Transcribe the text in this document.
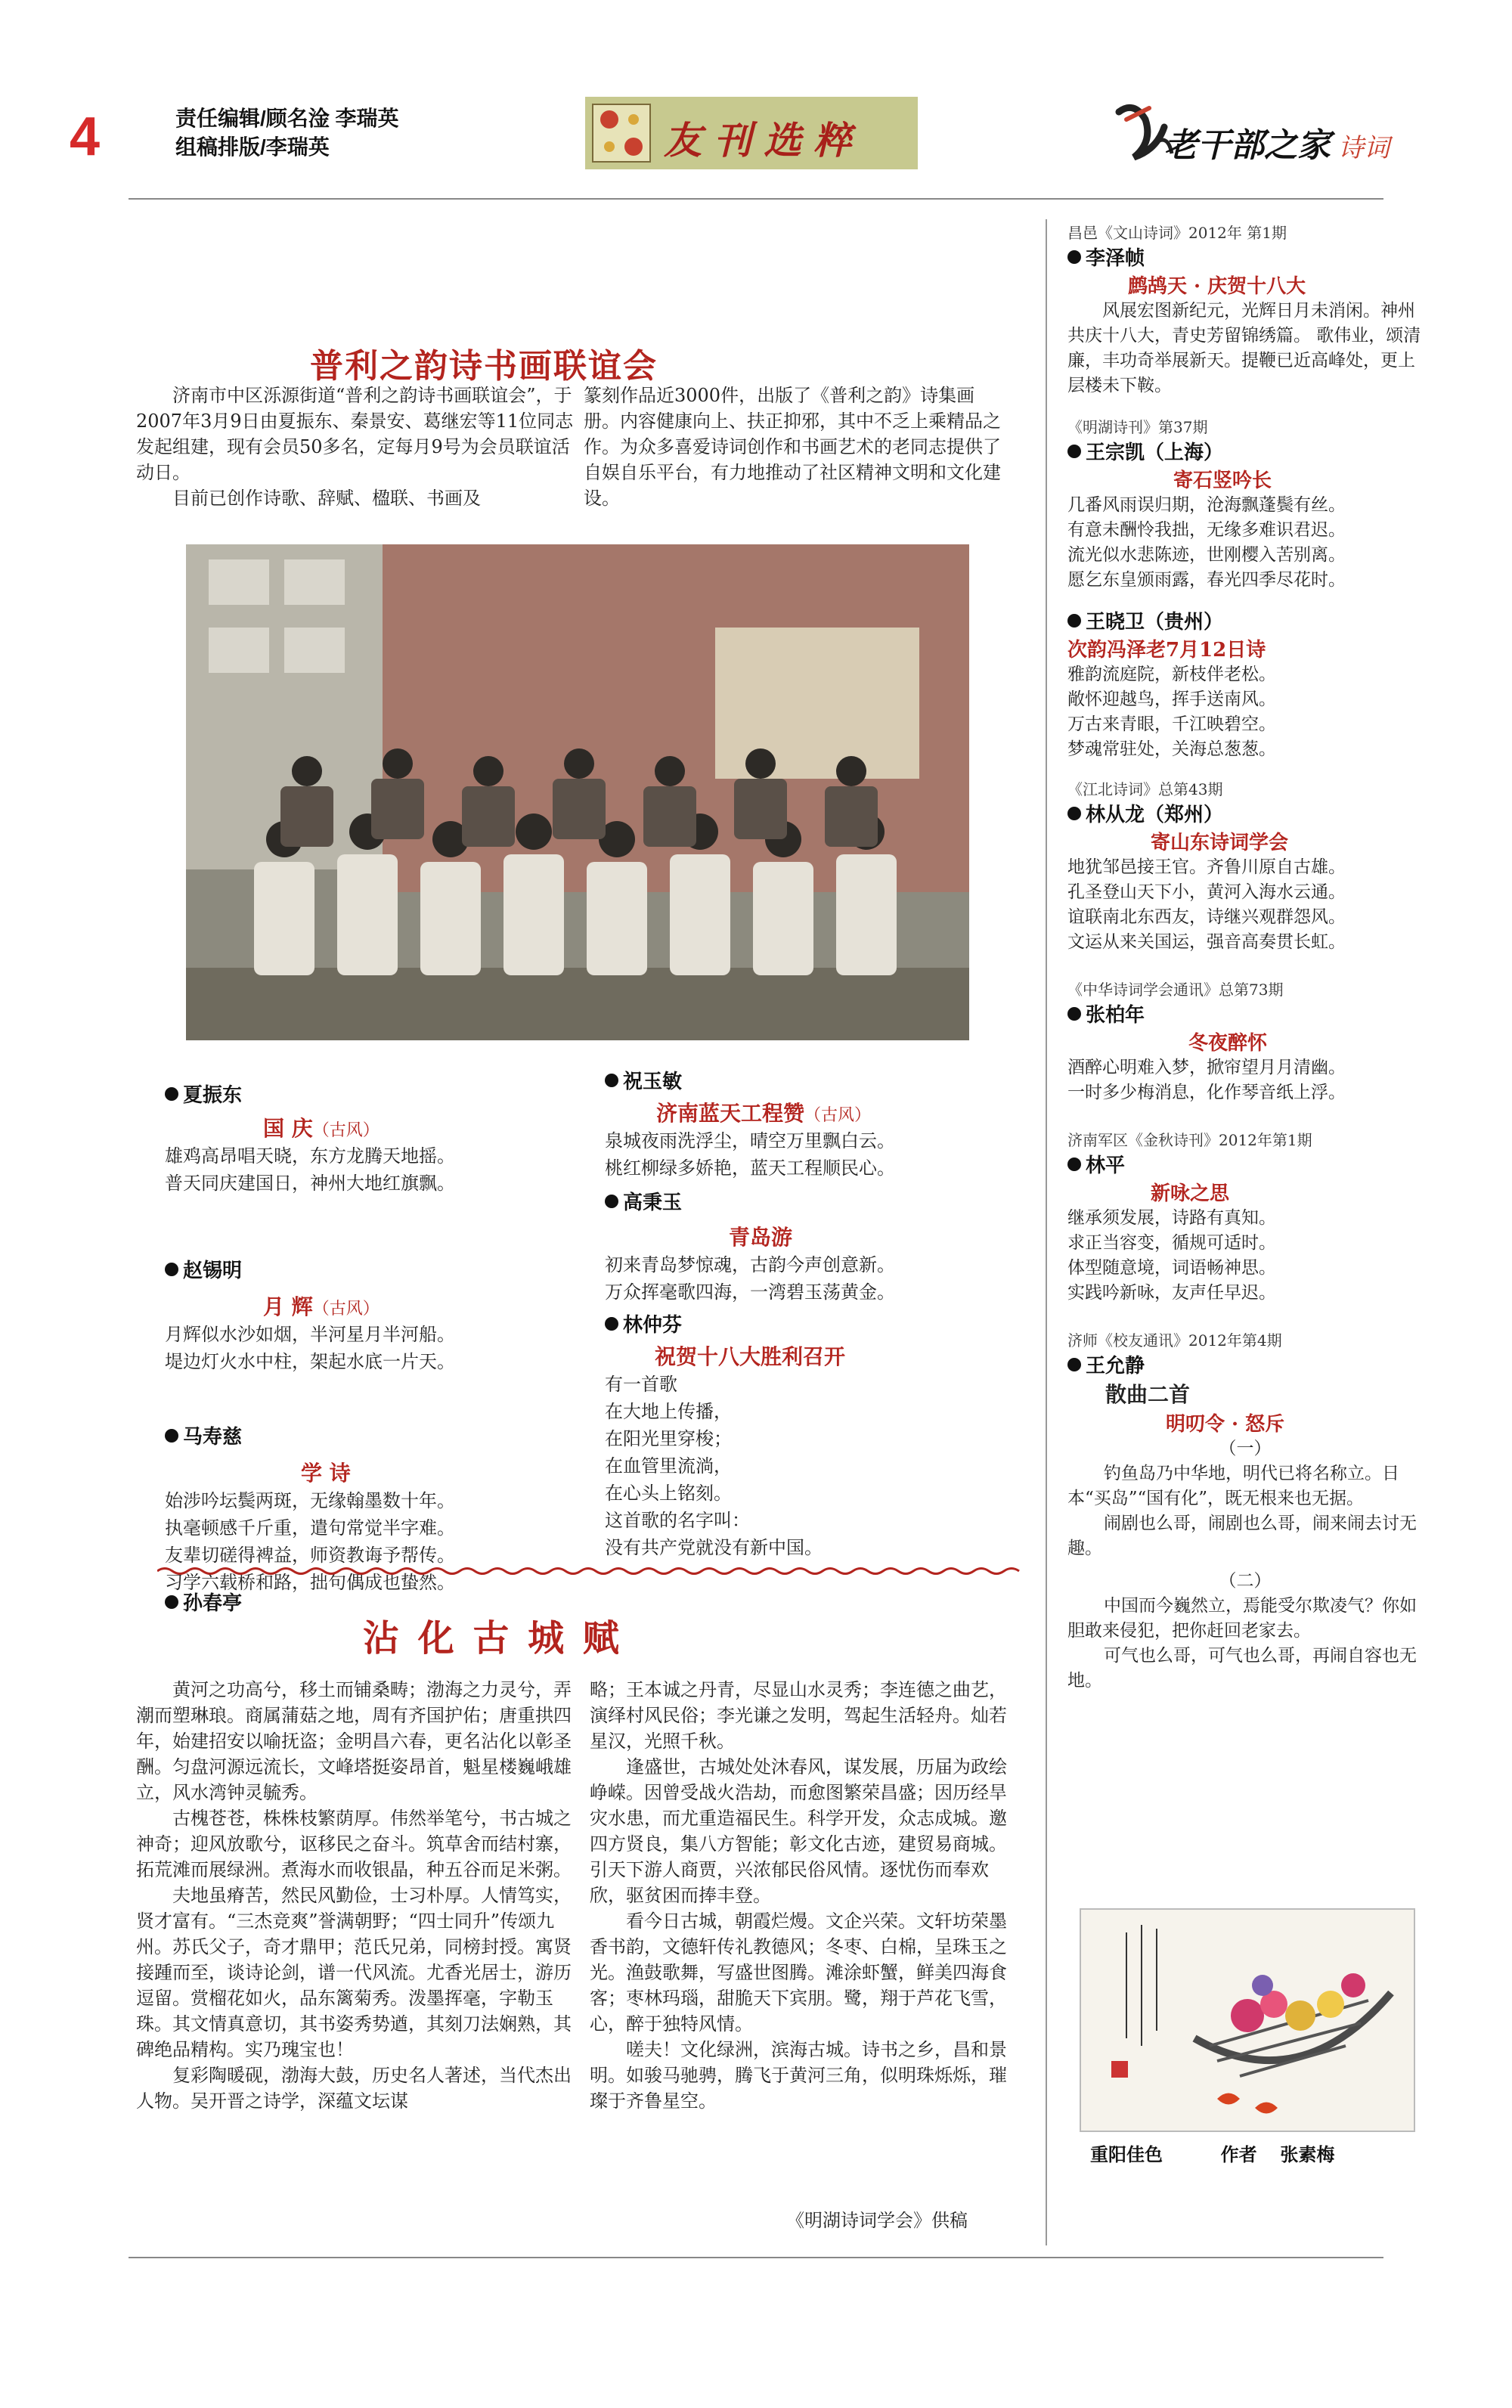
4	责任编辑/顾名淦 李瑞英
组稿排版/李瑞英	友刊选粹	老干部之家 诗词
普利之韵诗书画联谊会

济南市中区泺源街道“普利之韵诗书画联谊会”，于2007年3月9日由夏振东、秦景安、葛继宏等11位同志发起组建，现有会员50多名，定每月9号为会员联谊活动日。

目前已创作诗歌、辞赋、楹联、书画及

篆刻作品近3000件，出版了《普利之韵》诗集画册。内容健康向上、扶正抑邪，其中不乏上乘精品之作。为众多喜爱诗词创作和书画艺术的老同志提供了自娱自乐平台，有力地推动了社区精神文明和文化建设。

夏振东
国 庆（古风）

雄鸡高昂唱天晓，东方龙腾天地摇。

普天同庆建国日，神州大地红旗飘。

赵锡明
月 辉（古风）

月辉似水沙如烟，半河星月半河船。

堤边灯火水中柱，架起水底一片天。

马寿慈
学 诗

始涉吟坛鬓两斑，无缘翰墨数十年。

执毫顿感千斤重，遣句常觉半字难。

友辈切磋得裨益，师资教诲予帮传。

习学六载桥和路，拙句偶成也蛰然。

祝玉敏
济南蓝天工程赞（古风）

泉城夜雨洗浮尘，晴空万里飘白云。

桃红柳绿多娇艳，蓝天工程顺民心。

高秉玉
青岛游

初来青岛梦惊魂，古韵今声创意新。

万众挥毫歌四海，一湾碧玉荡黄金。

林仲芬
祝贺十八大胜利召开

有一首歌

在大地上传播，

在阳光里穿梭；

在血管里流淌，

在心头上铭刻。

这首歌的名字叫：

没有共产党就没有新中国。

孙春亭
沾 化 古 城 赋

黄河之功高兮，移土而铺桑畴；渤海之力灵兮，弄潮而塑琳琅。商属蒲菇之地，周有齐国护佑；唐重拱四年，始建招安以喻抚盗；金明昌六春，更名沾化以彰圣酬。匀盘河源远流长，文峰塔挺姿昂首，魁星楼巍峨雄立，风水湾钟灵毓秀。

古槐苍苍，株株枝繁荫厚。伟然举笔兮，书古城之神奇；迎风放歌兮，讴移民之奋斗。筑草舍而结村寨，拓荒滩而展绿洲。煮海水而收银晶，种五谷而足米粥。

夫地虽瘠苦，然民风勤俭，士习朴厚。人情笃实，贤才富有。“三杰竞爽”誉满朝野；“四士同升”传颂九州。苏氏父子，奇才鼎甲；范氏兄弟，同榜封授。寓贤接踵而至，谈诗论剑，谱一代风流。尤香光居士，游历逗留。赏榴花如火，品东篱菊秀。泼墨挥毫，字勒玉珠。其文情真意切，其书姿秀势遒，其刻刀法娴熟，其碑绝品精构。实乃瑰宝也！

复彩陶暖砚，渤海大鼓，历史名人著述，当代杰出人物。吴开晋之诗学，深蕴文坛谋

略；王本诚之丹青，尽显山水灵秀；李连德之曲艺，演绎村风民俗；李光谦之发明，驾起生活轻舟。灿若星汉，光照千秋。

逢盛世，古城处处沐春风，谋发展，历届为政绘峥嵘。因曾受战火浩劫，而愈图繁荣昌盛；因历经旱灾水患，而尤重造福民生。科学开发，众志成城。邀四方贤良，集八方智能；彰文化古迹，建贸易商城。引天下游人商贾，兴浓郁民俗风情。逐忧伤而奉欢欣，驱贫困而捧丰登。

看今日古城，朝霞烂熳。文企兴荣。文轩坊荣墨香书韵，文德轩传礼教德风；冬枣、白棉，呈珠玉之光。渔鼓歌舞，写盛世图腾。滩涂虾蟹，鲜美四海食客；枣林玛瑙，甜脆天下宾朋。鹭，翔于芦花飞雪，心，醉于独特风情。

嗟夫！文化绿洲，滨海古城。诗书之乡，昌和景明。如骏马驰骋，腾飞于黄河三角，似明珠烁烁，璀璨于齐鲁星空。

《明湖诗词学会》供稿
昌邑《文山诗词》2012年 第1期
李泽帧
鹧鸪天 · 庆贺十八大

风展宏图新纪元，光辉日月未消闲。神州共庆十八大，青史芳留锦绣篇。 歌伟业，颂清廉，丰功奇举展新天。提鞭已近高峰处，更上层楼未下鞍。

《明湖诗刊》第37期
王宗凯（上海）
寄石竖吟长

几番风雨误归期，沧海飘蓬鬓有丝。

有意未酬怜我拙，无缘多难识君迟。

流光似水悲陈迹，世刚樱入苦别离。

愿乞东皇颁雨露，春光四季尽花时。

王晓卫（贵州）
次韵冯泽老7月12日诗

雅韵流庭院，新枝伴老松。

敞怀迎越鸟，挥手送南风。

万古来青眼，千江映碧空。

梦魂常驻处，关海总葱葱。

《江北诗词》总第43期
林从龙（郑州）
寄山东诗词学会

地犹邹邑接王官。齐鲁川原自古雄。

孔圣登山天下小，黄河入海水云通。

谊联南北东西友，诗继兴观群怨风。

文运从来关国运，强音高奏贯长虹。

《中华诗词学会通讯》总第73期
张柏年
冬夜醉怀

酒醉心明难入梦，掀帘望月月清幽。

一时多少梅消息，化作琴音纸上浮。

济南军区《金秋诗刊》2012年第1期
林平
新咏之思

继承须发展，诗路有真知。

求正当容变，循规可适时。

体型随意境，词语畅神思。

实践吟新咏，友声任早迟。

济师《校友通讯》2012年第4期
王允静
散曲二首
明叨令 · 怒斥
（一）

钓鱼岛乃中华地，明代已将名称立。日本“买岛”“国有化”，既无根来也无据。

闹剧也么哥，闹剧也么哥，闹来闹去讨无趣。

（二）

中国而今巍然立，焉能受尔欺凌气？你如胆敢来侵犯，把你赶回老家去。

可气也么哥，可气也么哥，再闹自容也无地。

重阳佳色	作者 张素梅
